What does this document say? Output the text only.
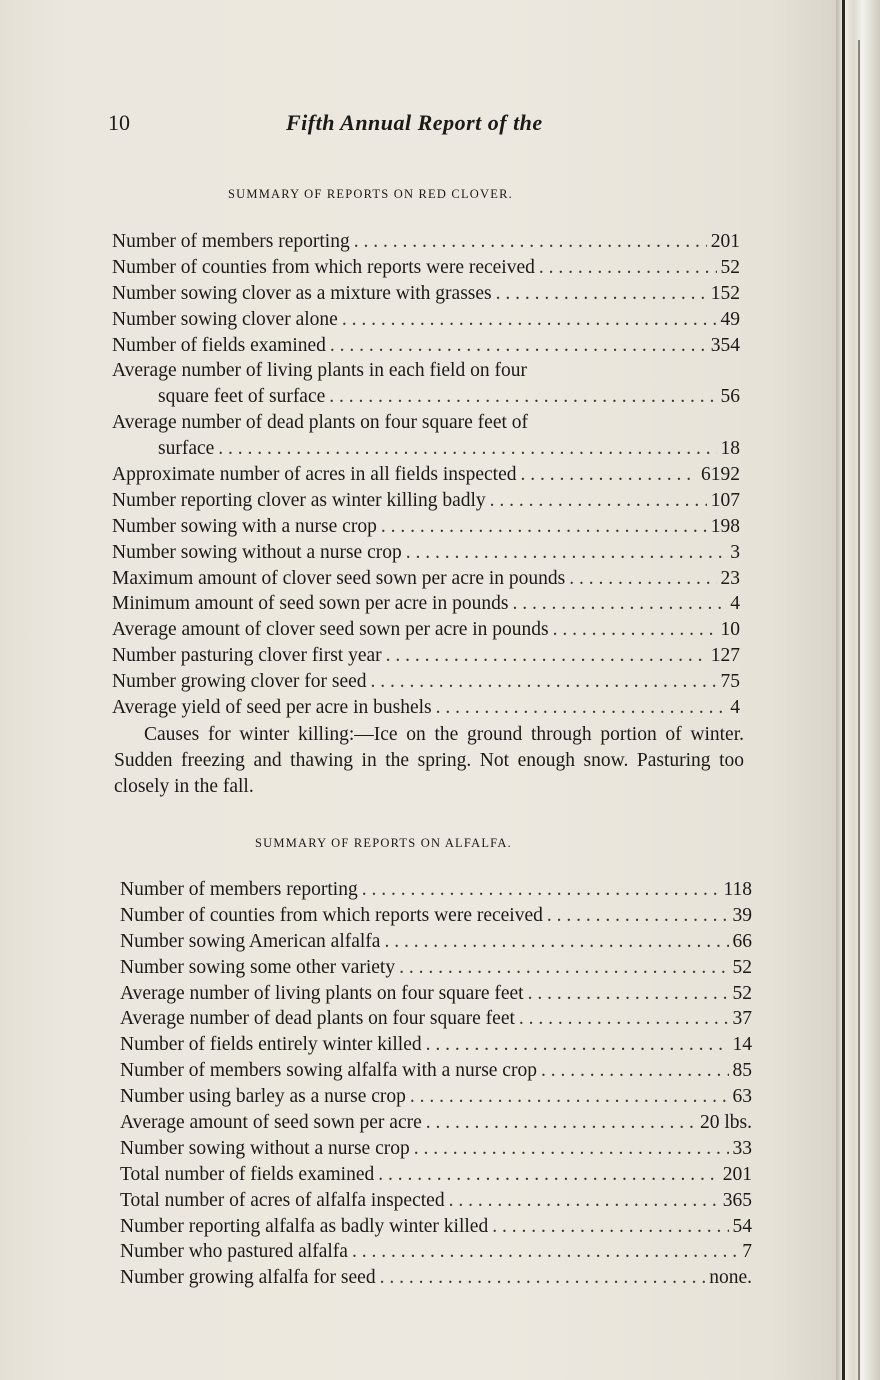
10	Fifth Annual Report of the
SUMMARY OF REPORTS ON RED CLOVER.
Number of members reporting . . .	201
Number of counties from which reports were received . . .	52
Number sowing clover as a mixture with grasses . . .	152
Number sowing clover alone . . .	49
Number of fields examined . . .	354
Average number of living plants in each field on four
square feet of surface . . .	56
Average number of dead plants on four square feet of
surface . . .	18
Approximate number of acres in all fields inspected . . .	6192
Number reporting clover as winter killing badly . . .	107
Number sowing with a nurse crop . . .	198
Number sowing without a nurse crop . . .	3
Maximum amount of clover seed sown per acre in pounds . . .	23
Minimum amount of seed sown per acre in pounds . . .	4
Average amount of clover seed sown per acre in pounds . . .	10
Number pasturing clover first year . . .	127
Number growing clover for seed . . .	75
Average yield of seed per acre in bushels . . .	4
Causes for winter killing:—Ice on the ground through portion of winter. Sudden freezing and thawing in the spring. Not enough snow. Pasturing too closely in the fall.
SUMMARY OF REPORTS ON ALFALFA.
Number of members reporting . . .	118
Number of counties from which reports were received . . .	39
Number sowing American alfalfa . . .	66
Number sowing some other variety . . .	52
Average number of living plants on four square feet . . .	52
Average number of dead plants on four square feet . . .	37
Number of fields entirely winter killed . . .	14
Number of members sowing alfalfa with a nurse crop . . .	85
Number using barley as a nurse crop . . .	63
Average amount of seed sown per acre . . .	20 lbs.
Number sowing without a nurse crop . . .	33
Total number of fields examined . . .	201
Total number of acres of alfalfa inspected . . .	365
Number reporting alfalfa as badly winter killed . . .	54
Number who pastured alfalfa . . .	7
Number growing alfalfa for seed . . .	none.
